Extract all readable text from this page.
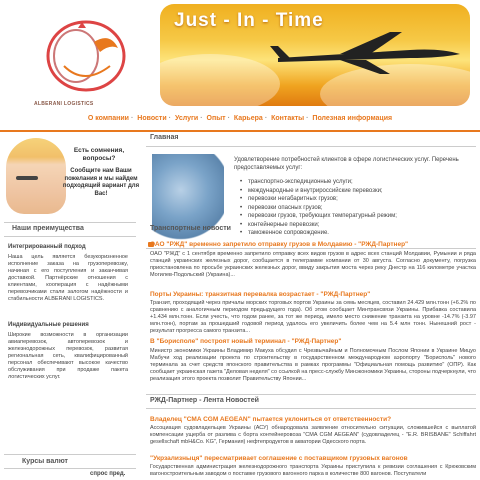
ALBERANI LOGISTICS
Just - In - Time
О компании · Новости · Услуги · Опыт · Карьера · Контакты · Полезная информация
Есть сомнения, вопросы?
Сообщите нам Ваши пожелания и мы найдем подходящий вариант для Вас!
Наши преимущества
Интегрированный подход
Наша цель является безукоризненное исполнение заказа на грузоперевозку, начиная с его поступления и заканчивая доставкой. Партнёрские отношения с клиентами, кооперация с надёжными перевозчиками стали залогом надёжности и стабильности ALBERANI LOGISTICS.
Индивидуальные решения
Широкие возможности в организации авиаперевозок, автоперевозок и железнодорожных перевозок, развитая региональная сеть, квалифицированный персонал обеспечивают высокое качество обслуживания при продаже пакета логистических услуг.
Курсы валют
спрос пред.
Главная
Удовлетворение потребностей клиентов в сфере логистических услуг. Перечень предоставляемых услуг:
• транспортно-экспедиционные услуги;
• международные и внутрироссийские перевозки;
• перевозки негабаритных грузов;
• перевозки опасных грузов;
• перевозки грузов, требующих температурный режим;
• контейнерные перевозки;
• таможенное сопровождение.
Транспортные новости
ОАО "РЖД" временно запретило отправку грузов в Молдавию - "РЖД-Партнер"
ОАО "РЖД" с 1 сентября временно запретило отправку всех видов грузов в адрес всех станций Молдавии, Румынии и ряда станций украинских железных дорог, сообщается в телеграмме компании от 30 августа. Согласно документу, погрузка приостановлена по просьбе украинских железных дорог, ввиду закрытия моста через реку Днестр на 116 километре участка Могилев-Подольский (Украина)...
Порты Украины: транзитная перевалка возрастает - "РЖД-Партнер"
Транзит, проходящий через причалы морских торговых портов Украины за семь месяцев, составил 24.429 млн.тонн (+6.2% по сравнению с аналогичным периодом предыдущего года). Об этом сообщает Минтрансвязи Украины. Прибавка составила +1.434 млн.тонн. Если учесть, что годом ранее, за тот же период, имело место снижение транзита на уровне -14.7% (-3.97 млн.тонн), портам за прошедший годовой период удалось его увеличить более чем на 5.4 млн тонн. Нынешний рост - результат прогресса самого транзита...
В "Борисполе" построят новый терминал - "РЖД-Партнер"
Министр экономики Украины Владимир Макуха обсудил с Чрезвычайным и Полномочным Послом Японии в Украине Мицуо Мабучи ход реализации проекта по строительству в государственном международном аэропорту "Борисполь" нового терминала за счет средств японского правительства в рамках программы "Официальная помощь развитию" (ОПР). Как сообщает украинская газета "Деловая неделя" со ссылкой на пресс-службу Минэкономики Украины, стороны подчеркнули, что реализация этого проекта позволит Правительству Японии...
РЖД-Партнер - Лента Новостей
Владелец "CMA CGM AEGEAN" пытается уклониться от ответственности?
Ассоциация судовладельцев Украины (АСУ) обнародовала заявление относительно ситуации, сложившейся с выплатой компенсации ущерба от разлива с борта контейнеровоза "CMA CGM AEGEAN" (судовладелец - "E.R. BRISBANE" Schiffahrt gesellschaft mbH&Co. KG", Германия) нефтепродуктов в акватории Одесского порта.
"Укрзализныця" пересматривает соглашение с поставщиком грузовых вагонов
Государственная администрация железнодорожного транспорта Украины приступила к ревизии соглашения с Крюковским вагоностроительным заводом о поставке грузового вагонного парка в количестве 800 вагонов. Поступатели
